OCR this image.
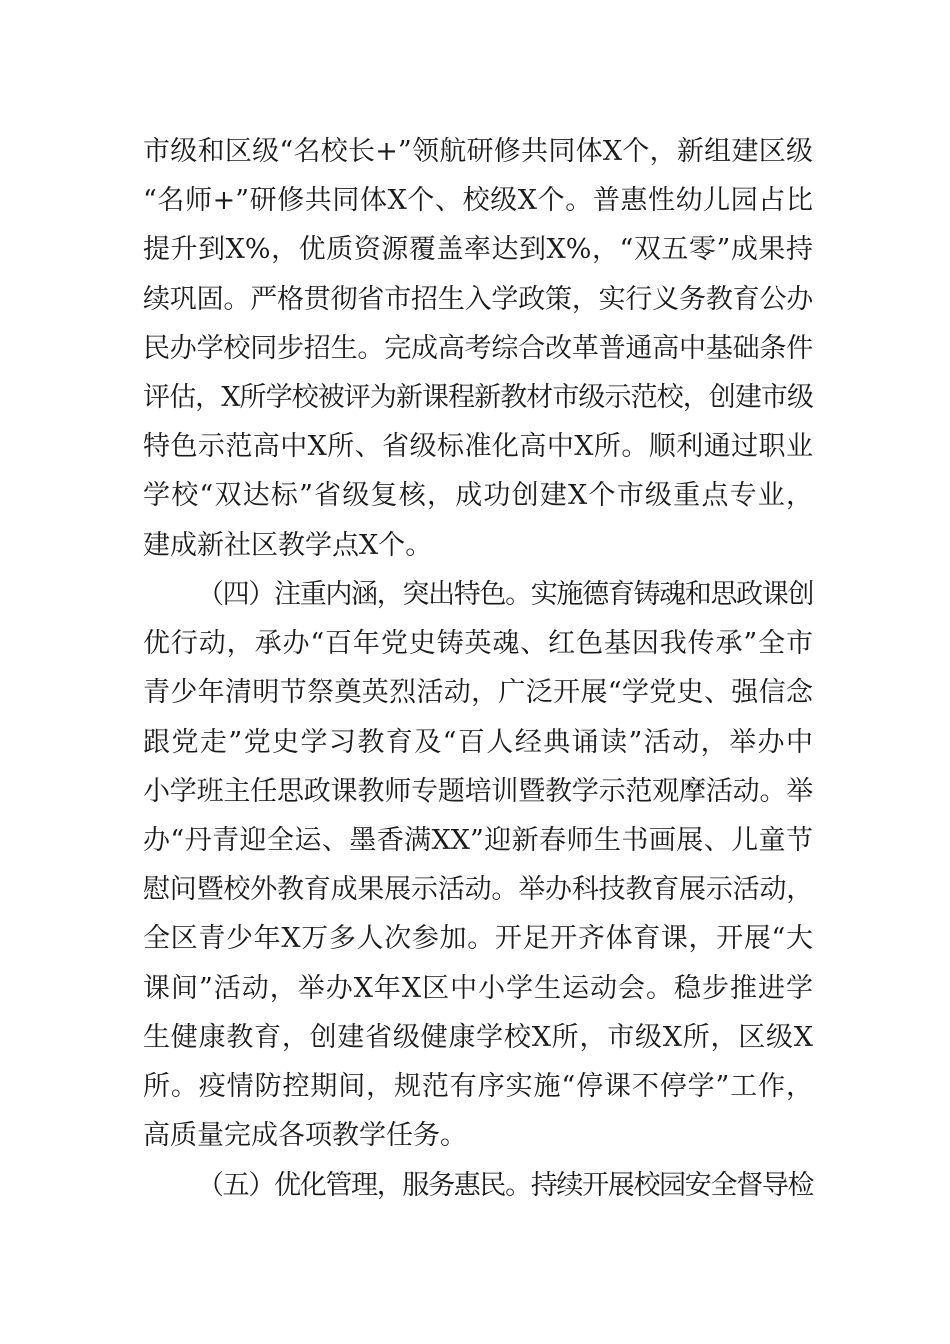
市级和区级“名校长+”领航研修共同体X个，新组建区级
“名师+”研修共同体X个、校级X个。普惠性幼儿园占比
提升到X%，优质资源覆盖率达到X%，“双五零”成果持
续巩固。严格贯彻省市招生入学政策，实行义务教育公办
民办学校同步招生。完成高考综合改革普通高中基础条件
评估，X所学校被评为新课程新教材市级示范校，创建市级
特色示范高中X所、省级标准化高中X所。顺利通过职业
学校“双达标”省级复核，成功创建X个市级重点专业，
建成新社区教学点X个。
（四）注重内涵，突出特色。实施德育铸魂和思政课创
优行动，承办“百年党史铸英魂、红色基因我传承”全市
青少年清明节祭奠英烈活动，广泛开展“学党史、强信念
跟党走”党史学习教育及“百人经典诵读”活动，举办中
小学班主任思政课教师专题培训暨教学示范观摩活动。举
办“丹青迎全运、墨香满XX”迎新春师生书画展、儿童节
慰问暨校外教育成果展示活动。举办科技教育展示活动，
全区青少年X万多人次参加。开足开齐体育课，开展“大
课间”活动，举办X年X区中小学生运动会。稳步推进学
生健康教育，创建省级健康学校X所，市级X所，区级X
所。疫情防控期间，规范有序实施“停课不停学”工作，
高质量完成各项教学任务。
（五）优化管理，服务惠民。持续开展校园安全督导检
